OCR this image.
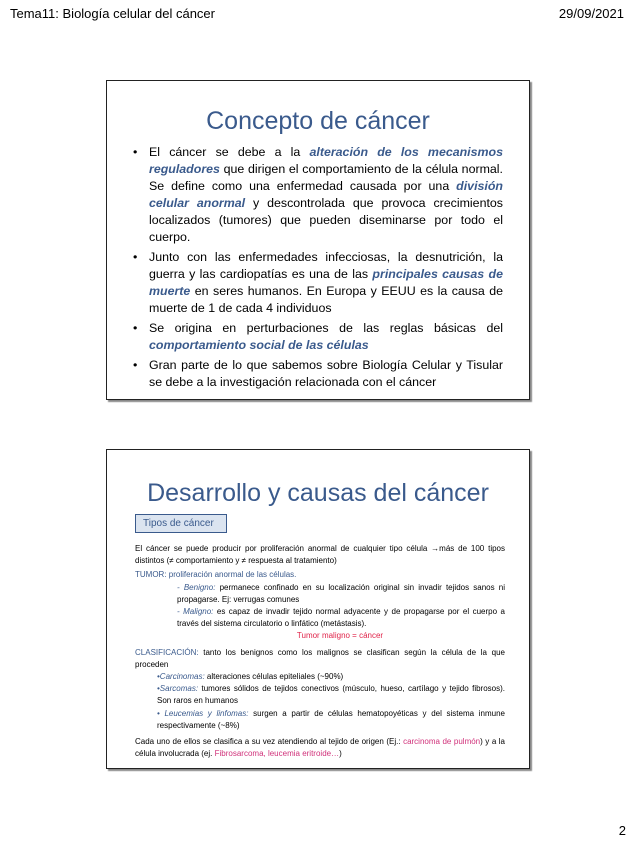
Tema11: Biología celular del cáncer	29/09/2021
Concepto de cáncer
• El cáncer se debe a la alteración de los mecanismos reguladores que dirigen el comportamiento de la célula normal. Se define como una enfermedad causada por una división celular anormal y descontrolada que provoca crecimientos localizados (tumores) que pueden diseminarse por todo el cuerpo.
• Junto con las enfermedades infecciosas, la desnutrición, la guerra y las cardiopatías es una de las principales causas de muerte en seres humanos. En Europa y EEUU es la causa de muerte de 1 de cada 4 individuos
• Se origina en perturbaciones de las reglas básicas del comportamiento social de las células
• Gran parte de lo que sabemos sobre Biología Celular y Tisular se debe a la investigación relacionada con el cáncer
Desarrollo y causas del cáncer
Tipos de cáncer
El cáncer se puede producir por proliferación anormal de cualquier tipo célula →más de 100 tipos distintos (≠ comportamiento y ≠ respuesta al tratamiento)
TUMOR: proliferación anormal de las células.
- Benigno: permanece confinado en su localización original sin invadir tejidos sanos ni propagarse. Ej: verrugas comunes
- Maligno: es capaz de invadir tejido normal adyacente y de propagarse por el cuerpo a través del sistema circulatorio o linfático (metástasis).
Tumor maligno = cáncer
CLASIFICACIÓN: tanto los benignos como los malignos se clasifican según la célula de la que proceden
•Carcinomas: alteraciones células epiteliales (~90%)
•Sarcomas: tumores sólidos de tejidos conectivos (músculo, hueso, cartílago y tejido fibrosos). Son raros en humanos
• Leucemias y linfomas: surgen a partir de células hematopoyéticas y del sistema inmune respectivamente (~8%)
Cada uno de ellos se clasifica a su vez atendiendo al tejido de origen (Ej.: carcinoma de pulmón) y a la célula involucrada (ej. Fibrosarcoma, leucemia eritroide…)
2
